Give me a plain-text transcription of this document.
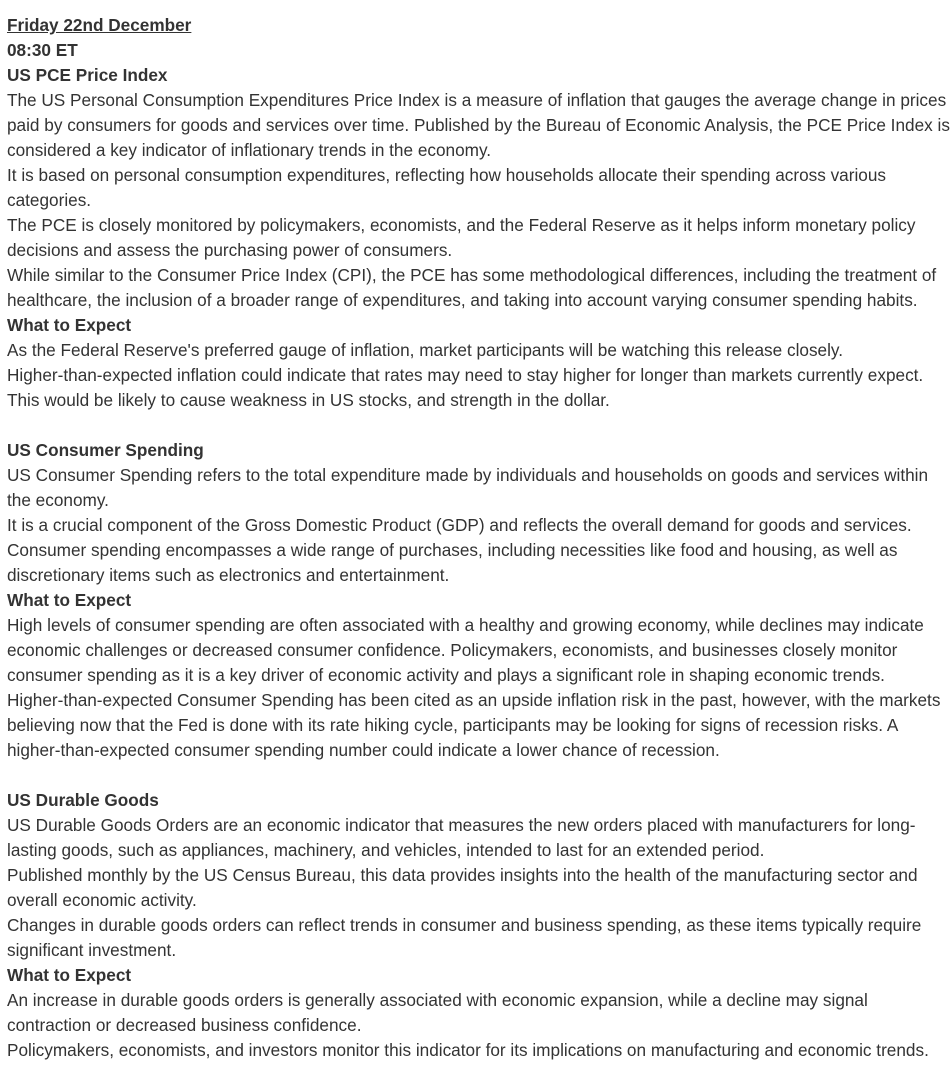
Friday 22nd December
08:30 ET
US PCE Price Index

The US Personal Consumption Expenditures Price Index is a measure of inflation that gauges the average change in prices paid by consumers for goods and services over time. Published by the Bureau of Economic Analysis, the PCE Price Index is considered a key indicator of inflationary trends in the economy.

It is based on personal consumption expenditures, reflecting how households allocate their spending across various categories.

The PCE is closely monitored by policymakers, economists, and the Federal Reserve as it helps inform monetary policy decisions and assess the purchasing power of consumers.

While similar to the Consumer Price Index (CPI), the PCE has some methodological differences, including the treatment of healthcare, the inclusion of a broader range of expenditures, and taking into account varying consumer spending habits.

What to Expect

As the Federal Reserve's preferred gauge of inflation, market participants will be watching this release closely.

Higher-than-expected inflation could indicate that rates may need to stay higher for longer than markets currently expect. This would be likely to cause weakness in US stocks, and strength in the dollar.

US Consumer Spending

US Consumer Spending refers to the total expenditure made by individuals and households on goods and services within the economy.

It is a crucial component of the Gross Domestic Product (GDP) and reflects the overall demand for goods and services.

Consumer spending encompasses a wide range of purchases, including necessities like food and housing, as well as discretionary items such as electronics and entertainment.

What to Expect

High levels of consumer spending are often associated with a healthy and growing economy, while declines may indicate economic challenges or decreased consumer confidence. Policymakers, economists, and businesses closely monitor consumer spending as it is a key driver of economic activity and plays a significant role in shaping economic trends.

Higher-than-expected Consumer Spending has been cited as an upside inflation risk in the past, however, with the markets believing now that the Fed is done with its rate hiking cycle, participants may be looking for signs of recession risks. A higher-than-expected consumer spending number could indicate a lower chance of recession.

US Durable Goods

US Durable Goods Orders are an economic indicator that measures the new orders placed with manufacturers for long-lasting goods, such as appliances, machinery, and vehicles, intended to last for an extended period.

Published monthly by the US Census Bureau, this data provides insights into the health of the manufacturing sector and overall economic activity.

Changes in durable goods orders can reflect trends in consumer and business spending, as these items typically require significant investment.

What to Expect

An increase in durable goods orders is generally associated with economic expansion, while a decline may signal contraction or decreased business confidence.

Policymakers, economists, and investors monitor this indicator for its implications on manufacturing and economic trends.
